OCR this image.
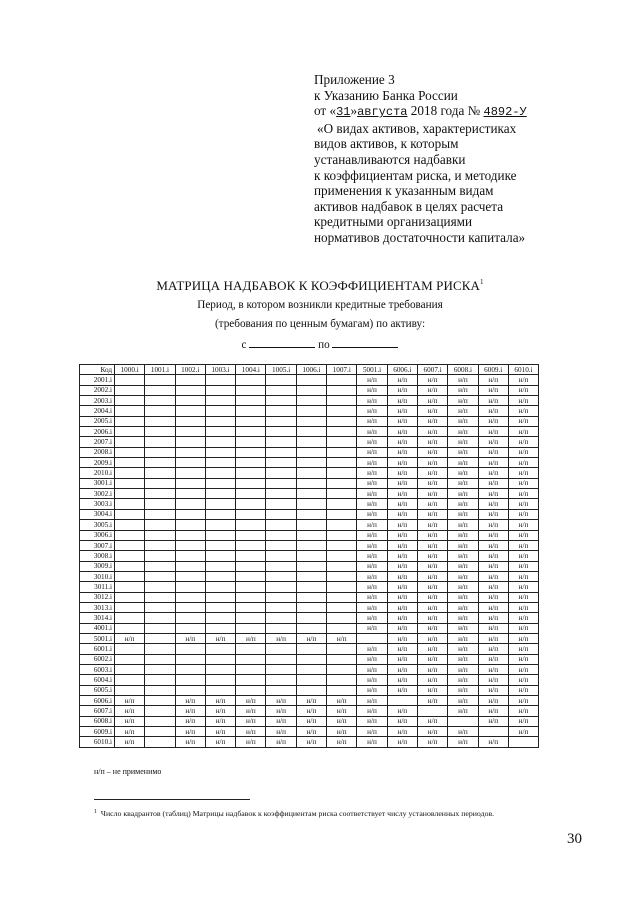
Приложение 3
к Указанию Банка России
от «31»августа 2018 года № 4892-У
«О видах активов, характеристиках
видов активов, к которым
устанавливаются надбавки
к коэффициентам риска, и методике
применения к указанным видам
активов надбавок в целях расчета
кредитными организациями
нормативов достаточности капитала»
МАТРИЦА НАДБАВОК К КОЭФФИЦИЕНТАМ РИСКА$^1$
Период, в котором возникли кредитные требования
(требования по ценным бумагам) по активу:
с	по
Код	1000.i	1001.i	1002.i	1003.i	1004.i	1005.i	1006.i	1007.i	5001.i	6006.i	6007.i	6008.i	6009.i	6010.i
2001.i									н/п	н/п	н/п	н/п	н/п	н/п
2002.i									н/п	н/п	н/п	н/п	н/п	н/п
2003.i									н/п	н/п	н/п	н/п	н/п	н/п
2004.i									н/п	н/п	н/п	н/п	н/п	н/п
2005.i									н/п	н/п	н/п	н/п	н/п	н/п
2006.i									н/п	н/п	н/п	н/п	н/п	н/п
2007.i									н/п	н/п	н/п	н/п	н/п	н/п
2008.i									н/п	н/п	н/п	н/п	н/п	н/п
2009.i									н/п	н/п	н/п	н/п	н/п	н/п
2010.i									н/п	н/п	н/п	н/п	н/п	н/п
3001.i									н/п	н/п	н/п	н/п	н/п	н/п
3002.i									н/п	н/п	н/п	н/п	н/п	н/п
3003.i									н/п	н/п	н/п	н/п	н/п	н/п
3004.i									н/п	н/п	н/п	н/п	н/п	н/п
3005.i									н/п	н/п	н/п	н/п	н/п	н/п
3006.i									н/п	н/п	н/п	н/п	н/п	н/п
3007.i									н/п	н/п	н/п	н/п	н/п	н/п
3008.i									н/п	н/п	н/п	н/п	н/п	н/п
3009.i									н/п	н/п	н/п	н/п	н/п	н/п
3010.i									н/п	н/п	н/п	н/п	н/п	н/п
3011.i									н/п	н/п	н/п	н/п	н/п	н/п
3012.i									н/п	н/п	н/п	н/п	н/п	н/п
3013.i									н/п	н/п	н/п	н/п	н/п	н/п
3014.i									н/п	н/п	н/п	н/п	н/п	н/п
4001.i									н/п	н/п	н/п	н/п	н/п	н/п
5001.i	н/п		н/п	н/п	н/п	н/п	н/п	н/п		н/п	н/п	н/п	н/п	н/п
6001.i									н/п	н/п	н/п	н/п	н/п	н/п
6002.i									н/п	н/п	н/п	н/п	н/п	н/п
6003.i									н/п	н/п	н/п	н/п	н/п	н/п
6004.i									н/п	н/п	н/п	н/п	н/п	н/п
6005.i									н/п	н/п	н/п	н/п	н/п	н/п
6006.i	н/п		н/п	н/п	н/п	н/п	н/п	н/п	н/п		н/п	н/п	н/п	н/п
6007.i	н/п		н/п	н/п	н/п	н/п	н/п	н/п	н/п	н/п		н/п	н/п	н/п
6008.i	н/п		н/п	н/п	н/п	н/п	н/п	н/п	н/п	н/п	н/п		н/п	н/п
6009.i	н/п		н/п	н/п	н/п	н/п	н/п	н/п	н/п	н/п	н/п	н/п		н/п
6010.i	н/п		н/п	н/п	н/п	н/п	н/п	н/п	н/п	н/п	н/п	н/п	н/п	
н/п – не применимо
$^1$ Число квадрантов (таблиц) Матрицы надбавок к коэффициентам риска соответствует числу установленных периодов.
30
